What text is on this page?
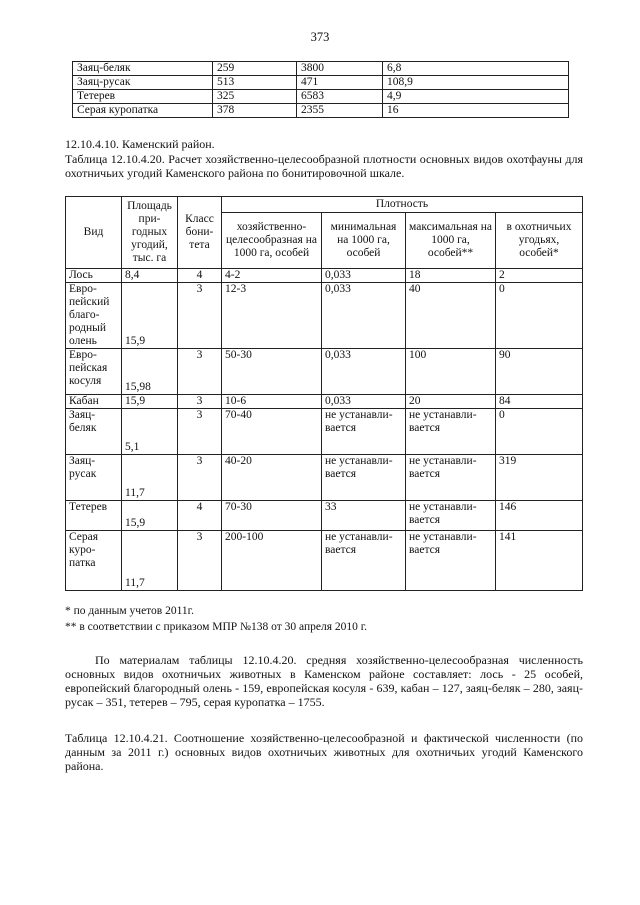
373
Заяц-беляк	259	3800	6,8
Заяц-русак	513	471	108,9
Тетерев	325	6583	4,9
Серая куропатка	378	2355	16

12.10.4.10. Каменский район.

Таблица 12.10.4.20. Расчет хозяйственно-целесообразной плотности основных видов охотфауны для охотничьих угодий Каменского района по бонитировочной шкале.

Вид	Площадь при-годных угодий, тыс. га	Класс бони-тета	Плотность			
			хозяйственно-целесообразная на 1000 га, особей	минимальная на 1000 га, особей	максимальная на 1000 га, особей**	в охотничьих угодьях, особей*
Лось	8,4	4	4-2	0,033	18	2
Евро-пейский благо-родный олень	15,9	3	12-3	0,033	40	0
Евро-пейская косуля	15,98	3	50-30	0,033	100	90
Кабан	15,9	3	10-6	0,033	20	84
Заяц-беляк	5,1	3	70-40	не устанавли-вается	не устанавли-вается	0
Заяц-русак	11,7	3	40-20	не устанавли-вается	не устанавли-вается	319
Тетерев	15,9	4	70-30	33	не устанавли-вается	146
Серая куро-патка	11,7	3	200-100	не устанавли-вается	не устанавли-вается	141

* по данным учетов 2011г.

** в соответствии с приказом МПР №138 от 30 апреля 2010 г.

По материалам таблицы 12.10.4.20. средняя хозяйственно-целесообразная численность основных видов охотничьих животных в Каменском районе составляет: лось - 25 особей, европейский благородный олень - 159, европейская косуля - 639, кабан – 127, заяц-беляк – 280, заяц-русак – 351, тетерев – 795, серая куропатка – 1755.

Таблица 12.10.4.21. Соотношение хозяйственно-целесообразной и фактической численности (по данным за 2011 г.) основных видов охотничьих животных для охотничьих угодий Каменского района.
